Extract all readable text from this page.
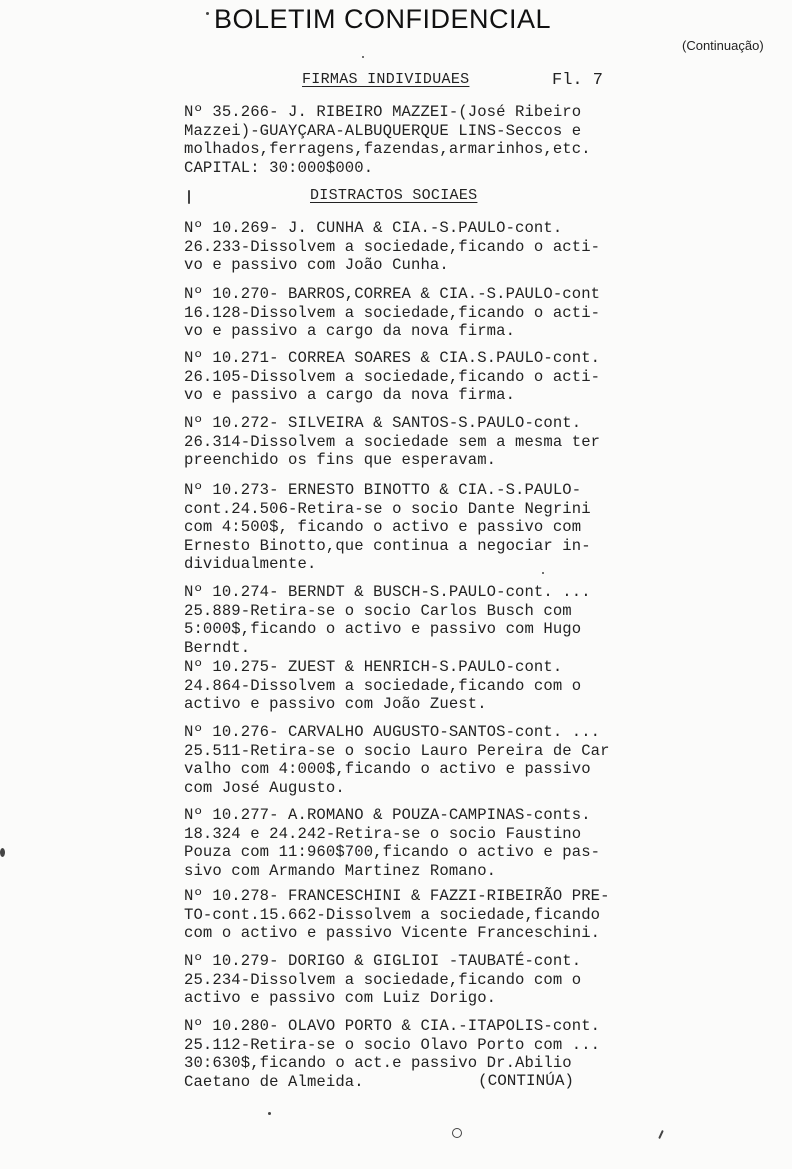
BOLETIM CONFIDENCIAL
(Continuação)
FIRMAS INDIVIDUAES	Fl. 7
Nº 35.266- J. RIBEIRO MAZZEI-(José Ribeiro
Mazzei)-GUAYÇARA-ALBUQUERQUE LINS-Seccos e
molhados,ferragens,fazendas,armarinhos,etc.
CAPITAL: 30:000$000.
DISTRACTOS SOCIAES
Nº 10.269- J. CUNHA & CIA.-S.PAULO-cont.
26.233-Dissolvem a sociedade,ficando o acti-
vo e passivo com João Cunha.
Nº 10.270- BARROS,CORREA & CIA.-S.PAULO-cont
16.128-Dissolvem a sociedade,ficando o acti-
vo e passivo a cargo da nova firma.
Nº 10.271- CORREA SOARES & CIA.S.PAULO-cont.
26.105-Dissolvem a sociedade,ficando o acti-
vo e passivo a cargo da nova firma.
Nº 10.272- SILVEIRA & SANTOS-S.PAULO-cont.
26.314-Dissolvem a sociedade sem a mesma ter
preenchido os fins que esperavam.
Nº 10.273- ERNESTO BINOTTO & CIA.-S.PAULO-
cont.24.506-Retira-se o socio Dante Negrini
com 4:500$, ficando o activo e passivo com
Ernesto Binotto,que continua a negociar in-
dividualmente.
Nº 10.274- BERNDT & BUSCH-S.PAULO-cont. ...
25.889-Retira-se o socio Carlos Busch com
5:000$,ficando o activo e passivo com Hugo
Berndt.
Nº 10.275- ZUEST & HENRICH-S.PAULO-cont.
24.864-Dissolvem a sociedade,ficando com o
activo e passivo com João Zuest.
Nº 10.276- CARVALHO AUGUSTO-SANTOS-cont. ...
25.511-Retira-se o socio Lauro Pereira de Car
valho com 4:000$,ficando o activo e passivo
com José Augusto.
Nº 10.277- A.ROMANO & POUZA-CAMPINAS-conts.
18.324 e 24.242-Retira-se o socio Faustino
Pouza com 11:960$700,ficando o activo e pas-
sivo com Armando Martinez Romano.
Nº 10.278- FRANCESCHINI & FAZZI-RIBEIRÃO PRE-
TO-cont.15.662-Dissolvem a sociedade,ficando
com o activo e passivo Vicente Franceschini.
Nº 10.279- DORIGO & GIGLIOI -TAUBATÉ-cont.
25.234-Dissolvem a sociedade,ficando com o
activo e passivo com Luiz Dorigo.
Nº 10.280- OLAVO PORTO & CIA.-ITAPOLIS-cont.
25.112-Retira-se o socio Olavo Porto com ...
30:630$,ficando o act.e passivo Dr.Abilio
Caetano de Almeida.	(CONTINÚA)
